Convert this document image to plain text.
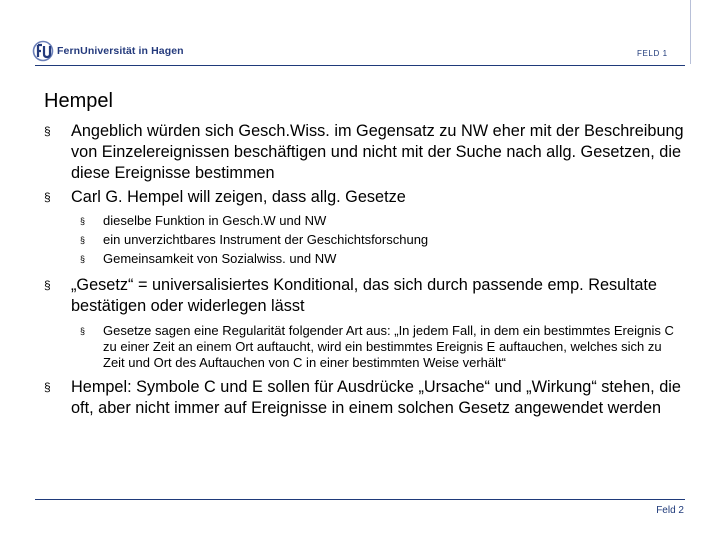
FernUniversität in Hagen	FELD 1
Hempel
§ Angeblich würden sich Gesch.Wiss. im Gegensatz zu NW eher mit der Beschreibung von Einzelereignissen beschäftigen und nicht mit der Suche nach allg. Gesetzen, die diese Ereignisse bestimmen
§ Carl G. Hempel will zeigen, dass allg. Gesetze
§ dieselbe Funktion in Gesch.W und NW
§ ein unverzichtbares Instrument der Geschichtsforschung
§ Gemeinsamkeit von Sozialwiss. und NW
§ „Gesetz“ = universalisiertes Konditional, das sich durch passende emp. Resultate bestätigen oder widerlegen lässt
§ Gesetze sagen eine Regularität folgender Art aus: „In jedem Fall, in dem ein bestimmtes Ereignis C zu einer Zeit an einem Ort auftaucht, wird ein bestimmtes Ereignis E auftauchen, welches sich zu Zeit und Ort des Auftauchen von C in einer bestimmten Weise verhält“
§ Hempel: Symbole C und E sollen für Ausdrücke „Ursache“ und „Wirkung“ stehen, die oft, aber nicht immer auf Ereignisse in einem solchen Gesetz angewendet werden
Feld 2
